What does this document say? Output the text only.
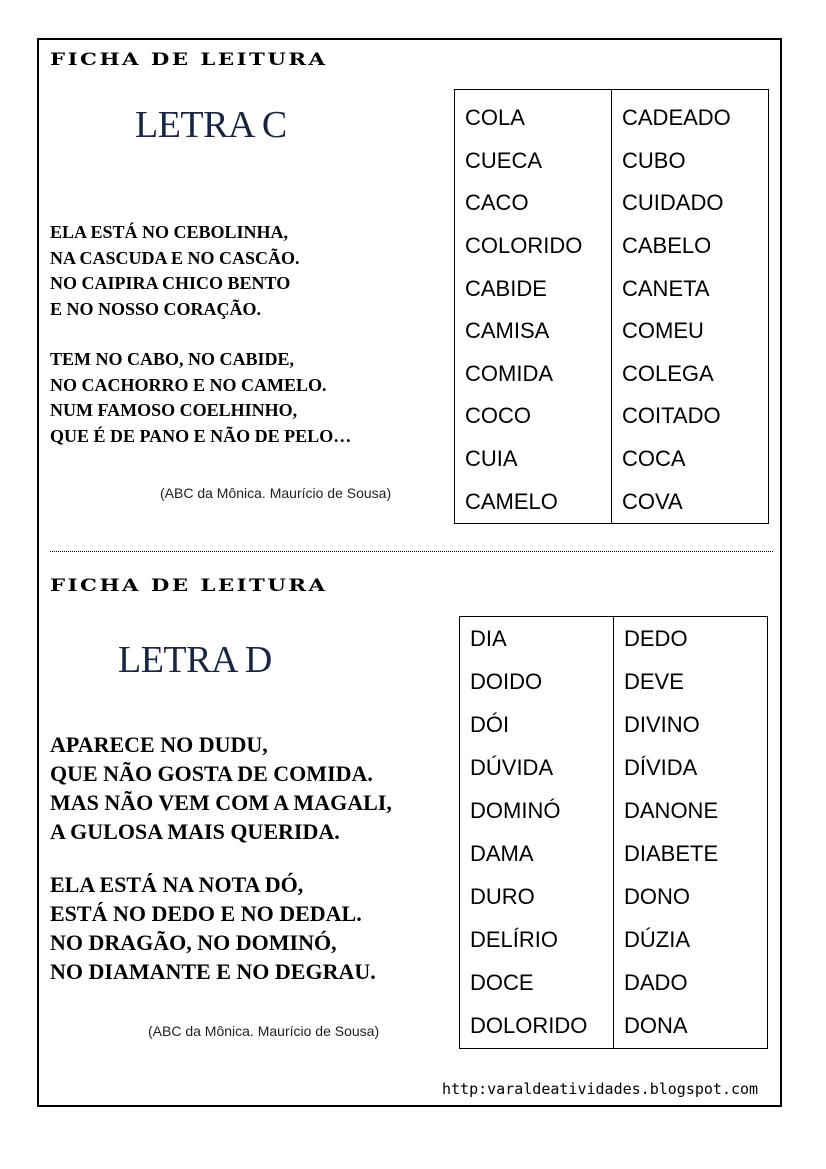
FICHA DE LEITURA
LETRA C
ELA ESTÁ NO CEBOLINHA,
NA CASCUDA E NO CASCÃO.
NO CAIPIRA CHICO BENTO
E NO NOSSO CORAÇÃO.
TEM NO CABO, NO CABIDE,
NO CACHORRO E NO CAMELO.
NUM FAMOSO COELHINHO,
QUE É DE PANO E NÃO DE PELO…
(ABC da Mônica. Maurício de Sousa)
COLA
CUECA
CACO
COLORIDO
CABIDE
CAMISA
COMIDA
COCO
CUIA
CAMELO
CADEADO
CUBO
CUIDADO
CABELO
CANETA
COMEU
COLEGA
COITADO
COCA
COVA
FICHA DE LEITURA
LETRA D
APARECE NO DUDU,
QUE NÃO GOSTA DE COMIDA.
MAS NÃO VEM COM A MAGALI,
A GULOSA MAIS QUERIDA.
ELA ESTÁ NA NOTA DÓ,
ESTÁ NO DEDO E NO DEDAL.
NO DRAGÃO, NO DOMINÓ,
NO DIAMANTE E NO DEGRAU.
(ABC da Mônica. Maurício de Sousa)
DIA
DOIDO
DÓI
DÚVIDA
DOMINÓ
DAMA
DURO
DELÍRIO
DOCE
DOLORIDO
DEDO
DEVE
DIVINO
DÍVIDA
DANONE
DIABETE
DONO
DÚZIA
DADO
DONA
http:varaldeatividades.blogspot.com
